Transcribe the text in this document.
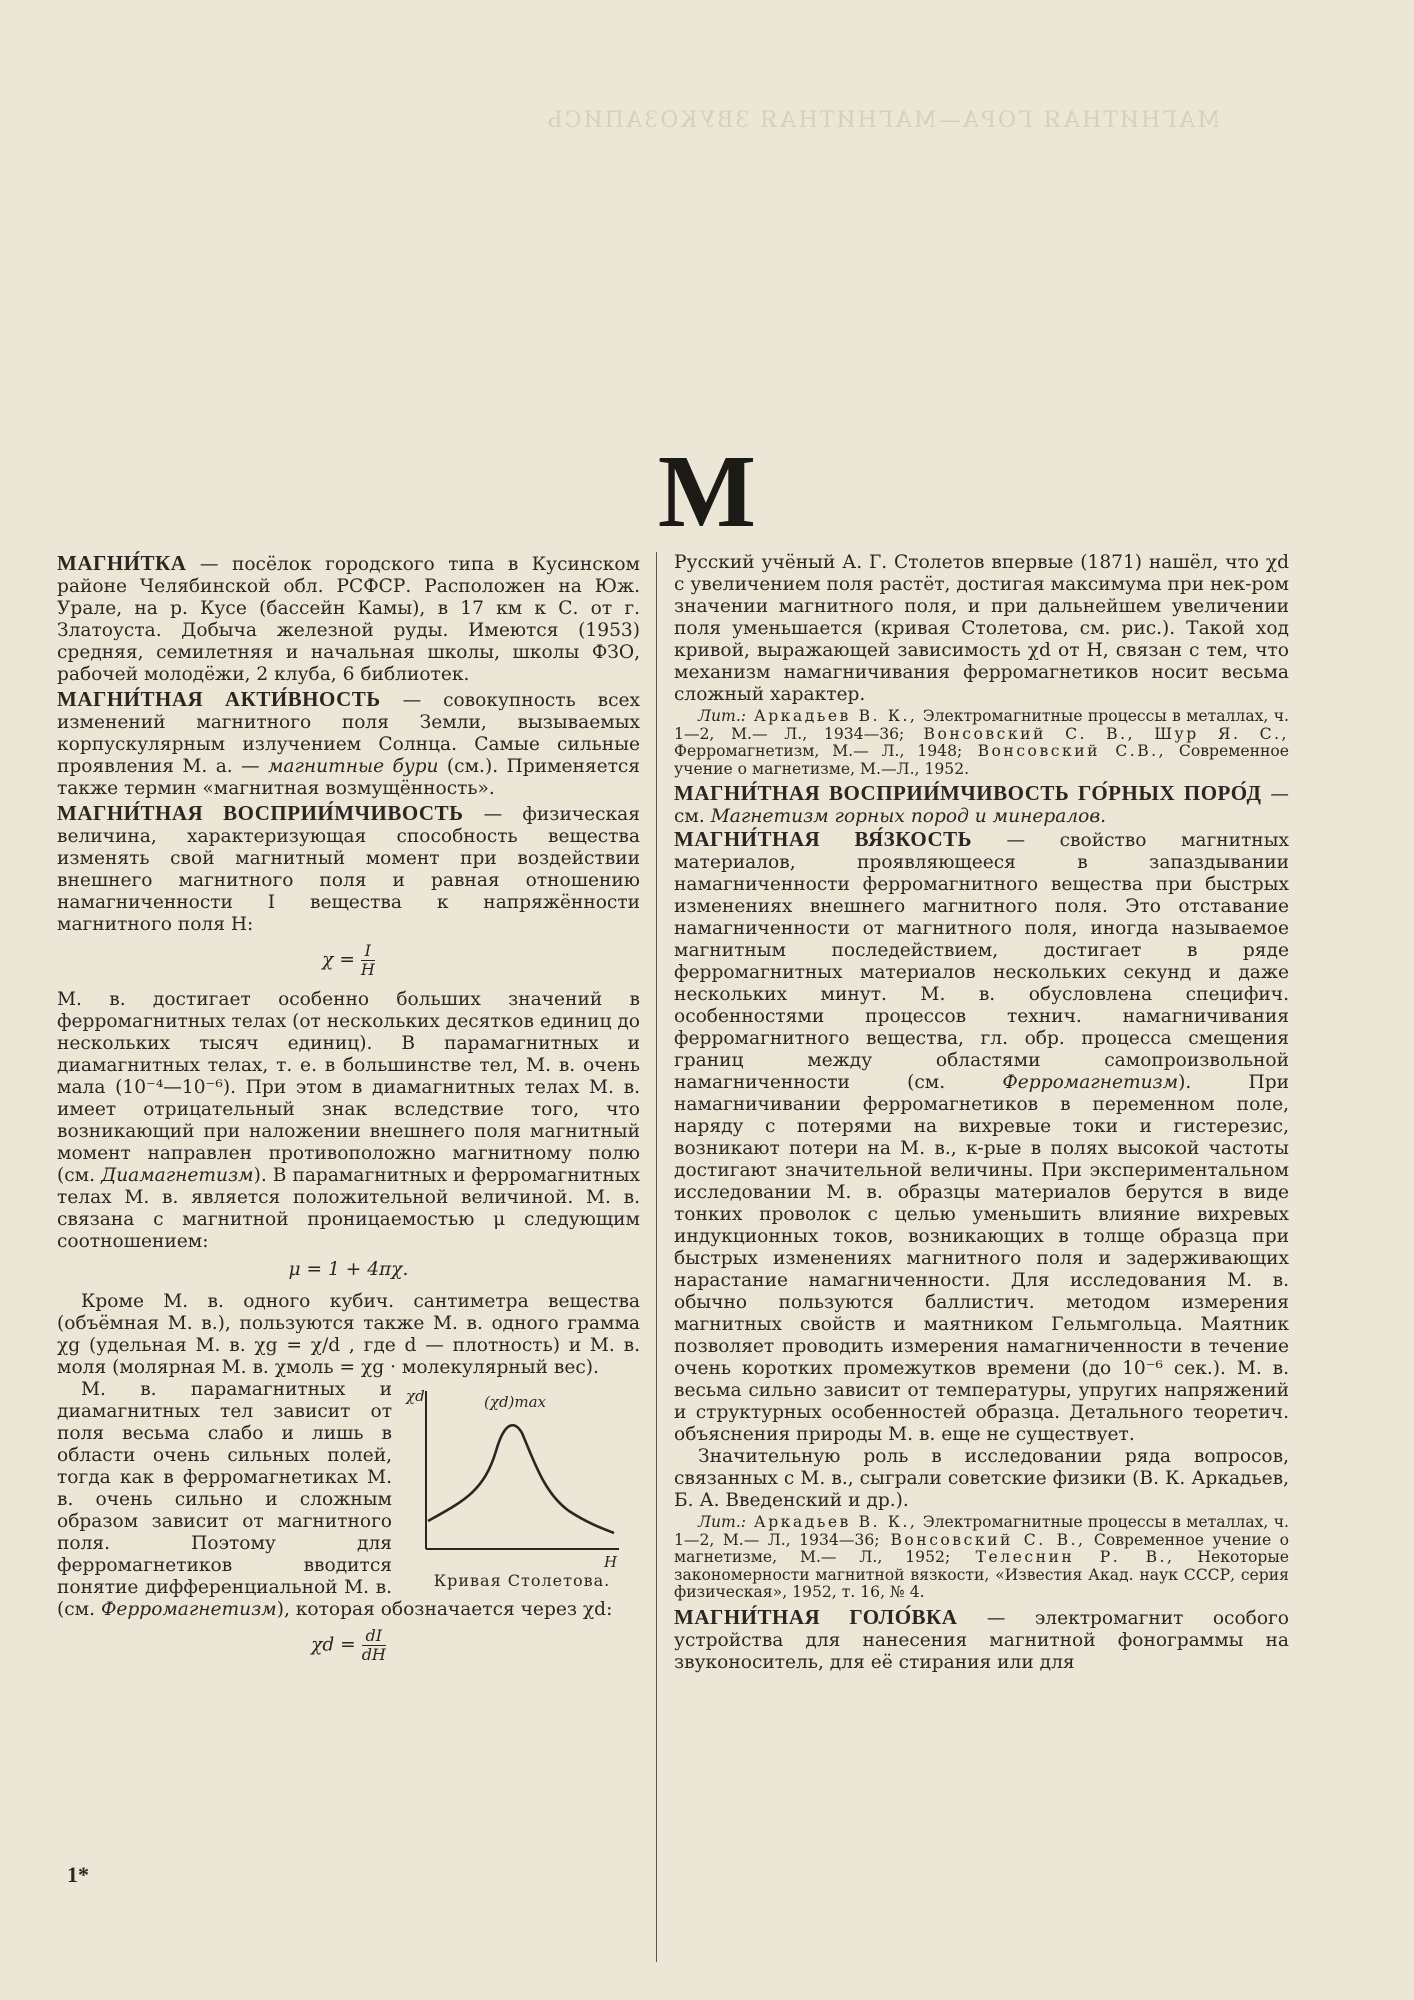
МАГНИТНАЯ ГОРА—МАГНИТНАЯ ЗВУКОЗАПИСЬ
М

МАГНИ́ТКА — посёлок городского типа в Кусинском районе Челябинской обл. РСФСР. Расположен на Юж. Урале, на р. Кусе (бассейн Камы), в 17 км к С. от г. Златоуста. Добыча железной руды. Имеются (1953) средняя, семилетняя и начальная школы, школы ФЗО, рабочей молодёжи, 2 клуба, 6 библиотек.

МАГНИ́ТНАЯ АКТИ́ВНОСТЬ — совокупность всех изменений магнитного поля Земли, вызываемых корпускулярным излучением Солнца. Самые сильные проявления М. а. — магнитные бури (см.). Применяется также термин «магнитная возмущённость».

МАГНИ́ТНАЯ ВОСПРИИ́МЧИВОСТЬ — физическая величина, характеризующая способность вещества изменять свой магнитный момент при воздействии внешнего магнитного поля и равная отношению намагниченности I вещества к напряжённости магнитного поля H:

$\chi = \frac{I}{H}$

М. в. достигает особенно больших значений в ферромагнитных телах (от нескольких десятков единиц до нескольких тысяч единиц). В парамагнитных и диамагнитных телах, т. е. в большинстве тел, М. в. очень мала (10⁻⁴—10⁻⁶). При этом в диамагнитных телах М. в. имеет отрицательный знак вследствие того, что возникающий при наложении внешнего поля магнитный момент направлен противоположно магнитному полю (см. Диамагнетизм). В парамагнитных и ферромагнитных телах М. в. является положительной величиной. М. в. связана с магнитной проницаемостью μ следующим соотношением:

μ = 1 + 4πχ.

Кроме М. в. одного кубич. сантиметра вещества (объёмная М. в.), пользуются также М. в. одного грамма χg (удельная М. в. χg = χ/d , где d — плотность) и М. в. моля (молярная М. в. χмоль = χg · молекулярный вес).

χd	(χd)max
H
Кривая Столетова.

М. в. парамагнитных и диамагнитных тел зависит от поля весьма слабо и лишь в области очень сильных полей, тогда как в ферромагнетиках М. в. очень сильно и сложным образом зависит от магнитного поля. Поэтому для ферромагнетиков вводится понятие дифференциальной М. в. (см. Ферромагнетизм), которая обозначается через χd:

$\chi d = \frac{dI}{dH}$

Русский учёный А. Г. Столетов впервые (1871) нашёл, что χd с увеличением поля растёт, достигая максимума при нек-ром значении магнитного поля, и при дальнейшем увеличении поля уменьшается (кривая Столетова, см. рис.). Такой ход кривой, выражающей зависимость χd от H, связан с тем, что механизм намагничивания ферромагнетиков носит весьма сложный характер.

Лит.: Аркадьев В. К., Электромагнитные процессы в металлах, ч. 1—2, М.— Л., 1934—36; Вонсовский С. В., Шур Я. С., Ферромагнетизм, М.— Л., 1948; Вонсовский С.В., Современное учение о магнетизме, М.—Л., 1952.

МАГНИ́ТНАЯ ВОСПРИИ́МЧИВОСТЬ ГО́РНЫХ ПОРО́Д — см. Магнетизм горных пород и минералов.

МАГНИ́ТНАЯ ВЯ́ЗКОСТЬ — свойство магнитных материалов, проявляющееся в запаздывании намагниченности ферромагнитного вещества при быстрых изменениях внешнего магнитного поля. Это отставание намагниченности от магнитного поля, иногда называемое магнитным последействием, достигает в ряде ферромагнитных материалов нескольких секунд и даже нескольких минут. М. в. обусловлена специфич. особенностями процессов технич. намагничивания ферромагнитного вещества, гл. обр. процесса смещения границ между областями самопроизвольной намагниченности (см. Ферромагнетизм). При намагничивании ферромагнетиков в переменном поле, наряду с потерями на вихревые токи и гистерезис, возникают потери на М. в., к-рые в полях высокой частоты достигают значительной величины. При экспериментальном исследовании М. в. образцы материалов берутся в виде тонких проволок с целью уменьшить влияние вихревых индукционных токов, возникающих в толще образца при быстрых изменениях магнитного поля и задерживающих нарастание намагниченности. Для исследования М. в. обычно пользуются баллистич. методом измерения магнитных свойств и маятником Гельмгольца. Маятник позволяет проводить измерения намагниченности в течение очень коротких промежутков времени (до 10⁻⁶ сек.). М. в. весьма сильно зависит от температуры, упругих напряжений и структурных особенностей образца. Детального теоретич. объяснения природы М. в. еще не существует.

Значительную роль в исследовании ряда вопросов, связанных с М. в., сыграли советские физики (В. К. Аркадьев, Б. А. Введенский и др.).

Лит.: Аркадьев В. К., Электромагнитные процессы в металлах, ч. 1—2, М.— Л., 1934—36; Вонсовский С. В., Современное учение о магнетизме, М.— Л., 1952; Телеснин Р. В., Некоторые закономерности магнитной вязкости, «Известия Акад. наук СССР, серия физическая», 1952, т. 16, № 4.

МАГНИ́ТНАЯ ГОЛО́ВКА — электромагнит особого устройства для нанесения магнитной фонограммы на звуконоситель, для её стирания или для

1*
